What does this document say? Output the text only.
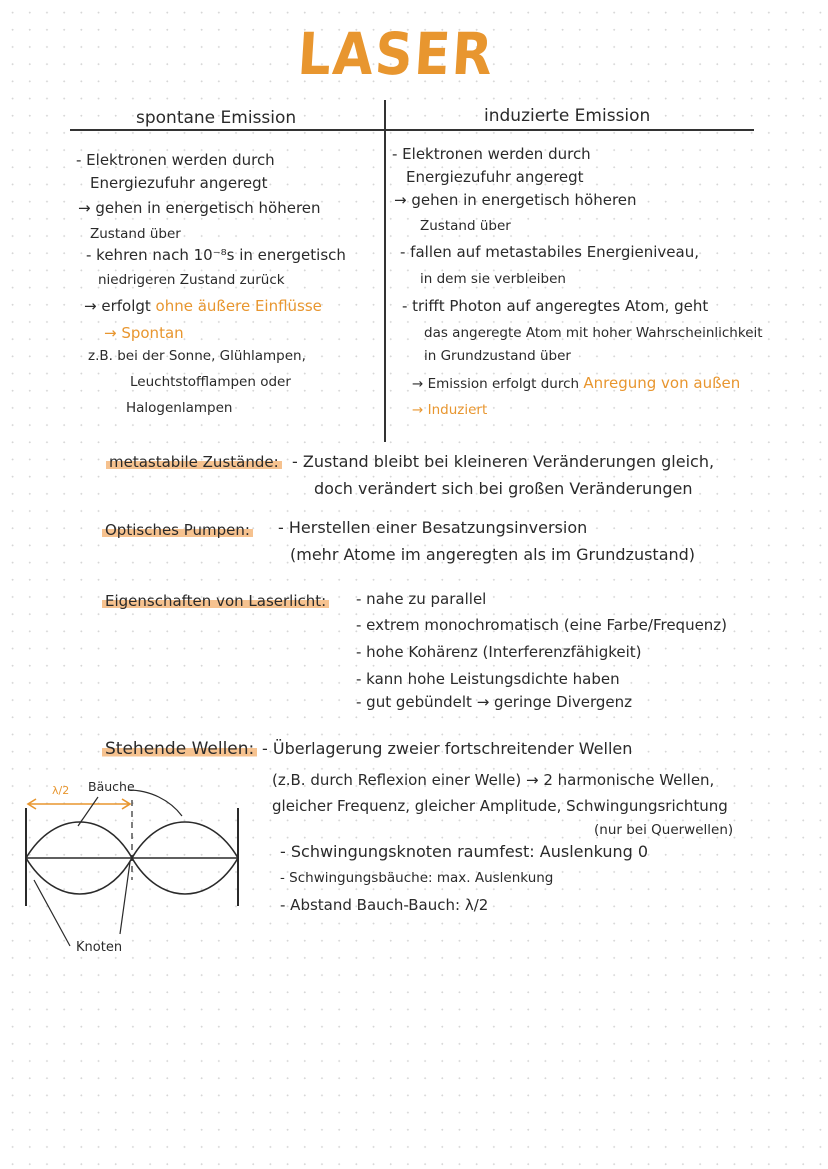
LASER
spontane Emission	induzierte Emission
- Elektronen werden durch
Energiezufuhr angeregt
→ gehen in energetisch höheren
Zustand über
- kehren nach 10⁻⁸s in energetisch
niedrigeren Zustand zurück
→ erfolgt ohne äußere Einflüsse
→ Spontan
z.B. bei der Sonne, Glühlampen,
Leuchtstofflampen oder
Halogenlampen
- Elektronen werden durch
Energiezufuhr angeregt
→ gehen in energetisch höheren
Zustand über
- fallen auf metastabiles Energieniveau,
in dem sie verbleiben
- trifft Photon auf angeregtes Atom, geht
das angeregte Atom mit hoher Wahrscheinlichkeit
in Grundzustand über
→ Emission erfolgt durch Anregung von außen
→ Induziert
metastabile Zustände: - Zustand bleibt bei kleineren Veränderungen gleich,
doch verändert sich bei großen Veränderungen
Optisches Pumpen: - Herstellen einer Besatzungsinversion
(mehr Atome im angeregten als im Grundzustand)
Eigenschaften von Laserlicht: - nahe zu parallel
- extrem monochromatisch (eine Farbe/Frequenz)
- hohe Kohärenz (Interferenzfähigkeit)
- kann hohe Leistungsdichte haben
- gut gebündelt → geringe Divergenz
Stehende Wellen: - Überlagerung zweier fortschreitender Wellen
(z.B. durch Reflexion einer Welle) → 2 harmonische Wellen,
gleicher Frequenz, gleicher Amplitude, Schwingungsrichtung
(nur bei Querwellen)
- Schwingungsknoten raumfest: Auslenkung 0
- Schwingungsbäuche: max. Auslenkung
- Abstand Bauch-Bauch: λ/2
λ/2 Bäuche
Knoten
